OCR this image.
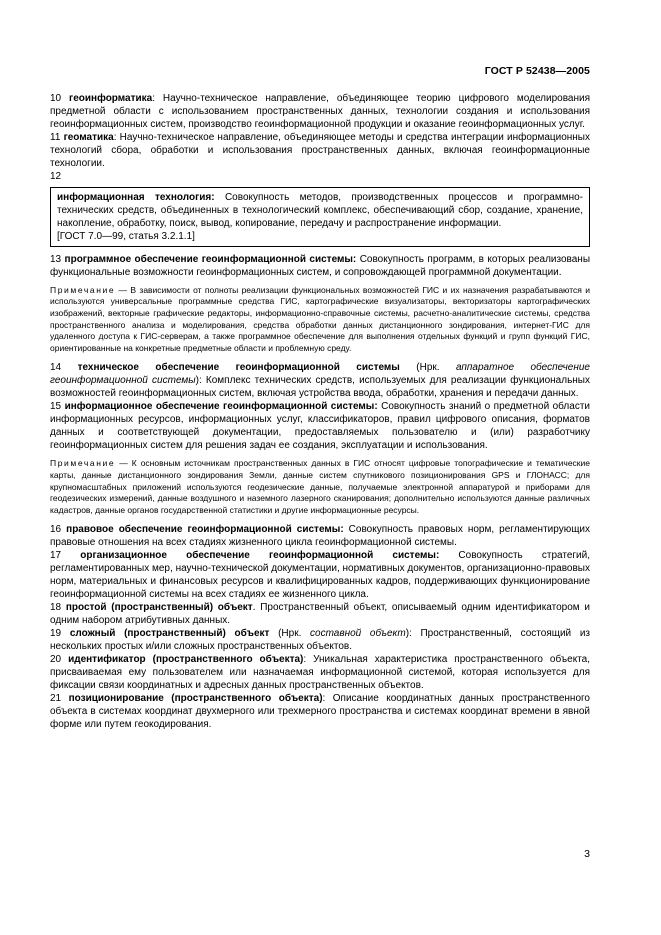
ГОСТ Р 52438—2005

10 геоинформатика: Научно-техническое направление, объединяющее теорию цифрового моделирования предметной области с использованием пространственных данных, технологии создания и использования геоинформационных систем, производство геоинформационной продукции и оказание геоинформационных услуг.

11 геоматика: Научно-техническое направление, объединяющее методы и средства интеграции информационных технологий сбора, обработки и использования пространственных данных, включая геоинформационные технологии.

12

информационная технология: Совокупность методов, производственных процессов и программно-технических средств, объединенных в технологический комплекс, обеспечивающий сбор, создание, хранение, накопление, обработку, поиск, вывод, копирование, передачу и распространение информации.

[ГОСТ 7.0—99, статья 3.2.1.1]

13 программное обеспечение геоинформационной системы: Совокупность программ, в которых реализованы функциональные возможности геоинформационных систем, и сопровождающей программной документации.

Примечание — В зависимости от полноты реализации функциональных возможностей ГИС и их назначения разрабатываются и используются универсальные программные средства ГИС, картографические визуализаторы, векторизаторы картографических изображений, векторные графические редакторы, информационно-справочные системы, расчетно-аналитические системы, средства пространственного анализа и моделирования, средства обработки данных дистанционного зондирования, интернет-ГИС для удаленного доступа к ГИС-серверам, а также программное обеспечение для выполнения отдельных функций и групп функций ГИС, ориентированные на конкретные предметные области и проблемную среду.

14 техническое обеспечение геоинформационной системы (Нрк. аппаратное обеспечение геоинформационной системы): Комплекс технических средств, используемых для реализации функциональных возможностей геоинформационных систем, включая устройства ввода, обработки, хранения и передачи данных.

15 информационное обеспечение геоинформационной системы: Совокупность знаний о предметной области информационных ресурсов, информационных услуг, классификаторов, правил цифрового описания, форматов данных и соответствующей документации, предоставляемых пользователю и (или) разработчику геоинформационных систем для решения задач ее создания, эксплуатации и использования.

Примечание — К основным источникам пространственных данных в ГИС относят цифровые топографические и тематические карты, данные дистанционного зондирования Земли, данные систем спутникового позиционирования GPS и ГЛОНАСС; для крупномасштабных приложений используются геодезические данные, получаемые электронной аппаратурой и приборами для геодезических измерений, данные воздушного и наземного лазерного сканирования; дополнительно используются данные различных кадастров, данные органов государственной статистики и другие информационные ресурсы.

16 правовое обеспечение геоинформационной системы: Совокупность правовых норм, регламентирующих правовые отношения на всех стадиях жизненного цикла геоинформационной системы.

17 организационное обеспечение геоинформационной системы: Совокупность стратегий, регламентированных мер, научно-технической документации, нормативных документов, организационно-правовых норм, материальных и финансовых ресурсов и квалифицированных кадров, поддерживающих функционирование геоинформационной системы на всех стадиях ее жизненного цикла.

18 простой (пространственный) объект. Пространственный объект, описываемый одним идентификатором и одним набором атрибутивных данных.

19 сложный (пространственный) объект (Нрк. составной объект): Пространственный, состоящий из нескольких простых и/или сложных пространственных объектов.

20 идентификатор (пространственного объекта): Уникальная характеристика пространственного объекта, присваиваемая ему пользователем или назначаемая информационной системой, которая используется для фиксации связи координатных и адресных данных пространственных объектов.

21 позиционирование (пространственного объекта): Описание координатных данных пространственного объекта в системах координат двухмерного или трехмерного пространства и системах координат времени в явной форме или путем геокодирования.

3
